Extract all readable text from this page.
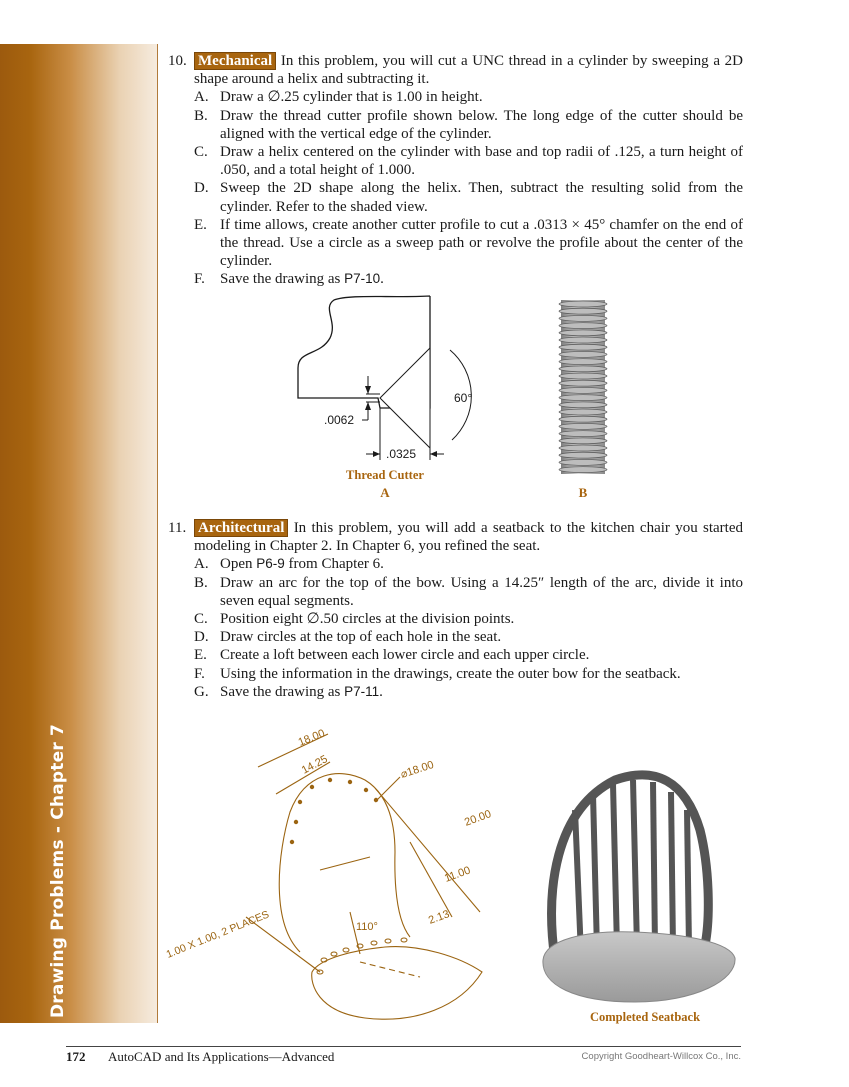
Drawing Problems - Chapter 7
10. Mechanical In this problem, you will cut a UNC thread in a cylinder by sweeping a 2D shape around a helix and subtracting it.
A. Draw a ∅.25 cylinder that is 1.00 in height.
B. Draw the thread cutter profile shown below. The long edge of the cutter should be aligned with the vertical edge of the cylinder.
C. Draw a helix centered on the cylinder with base and top radii of .125, a turn height of .050, and a total height of 1.000.
D. Sweep the 2D shape along the helix. Then, subtract the resulting solid from the cylinder. Refer to the shaded view.
E. If time allows, create another cutter profile to cut a .0313 × 45° chamfer on the end of the thread. Use a circle as a sweep path or revolve the profile about the center of the cylinder.
F. Save the drawing as P7-10.
60°
.0062
.0325
Thread Cutter
A	B
11. Architectural In this problem, you will add a seatback to the kitchen chair you started modeling in Chapter 2. In Chapter 6, you refined the seat.
A. Open P6-9 from Chapter 6.
B. Draw an arc for the top of the bow. Using a 14.25″ length of the arc, divide it into seven equal segments.
C. Position eight ∅.50 circles at the division points.
D. Draw circles at the top of each hole in the seat.
E. Create a loft between each lower circle and each upper circle.
F. Using the information in the drawings, create the outer bow for the seatback.
G. Save the drawing as P7-11.
18.00
14.25	⌀18.00
20.00
11.00
2.13
110°
1.00 X 1.00, 2 PLACES
Completed Seatback
172 AutoCAD and Its Applications—Advanced	Copyright Goodheart-Willcox Co., Inc.
